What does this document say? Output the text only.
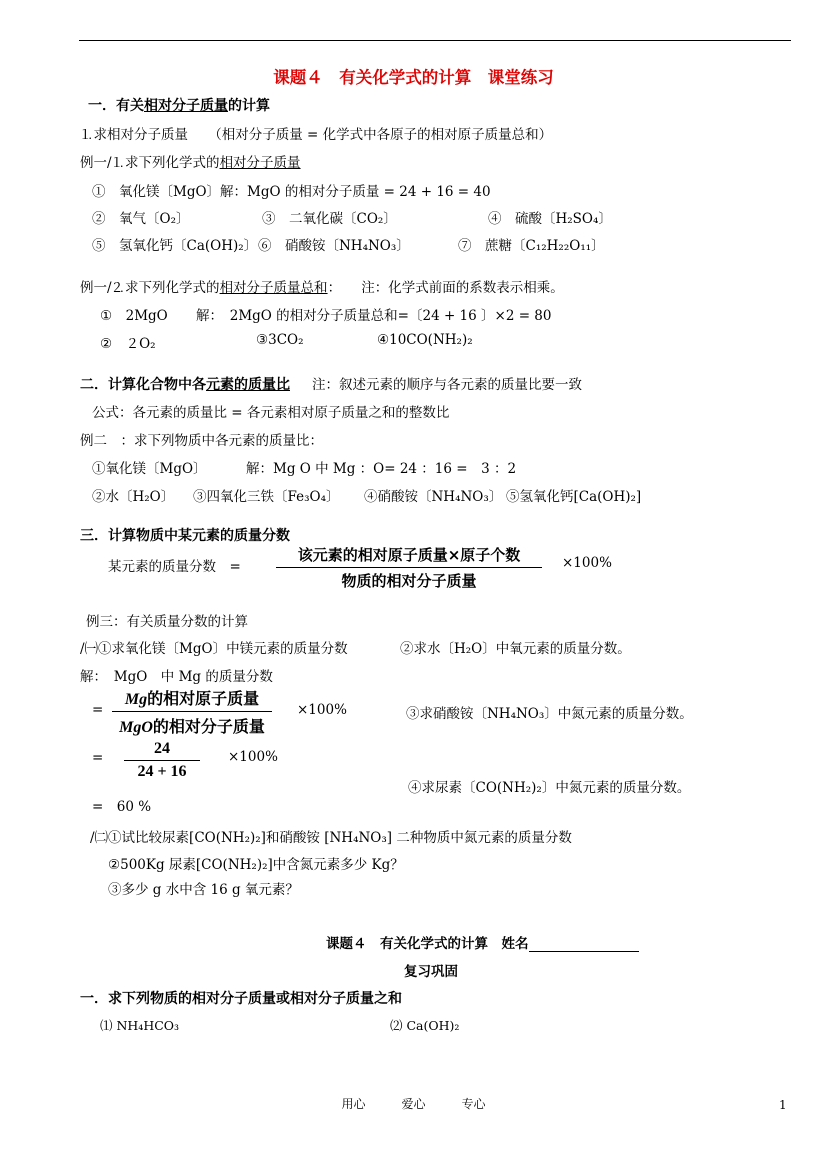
课题４　有关化学式的计算　课堂练习
一．有关相对分子质量的计算
⒈求相对分子质量　　（相对分子质量 = 化学式中各原子的相对原子质量总和）
例一/⒈求下列化学式的相对分子质量
①　氧化镁〔MgO〕解：MgO 的相对分子质量 = 24 + 16 = 40
②　氧气〔O₂〕	③　二氧化碳〔CO₂〕	④　硫酸〔H₂SO₄〕
⑤　氢氧化钙〔Ca(OH)₂〕 ⑥　硝酸铵〔NH₄NO₃〕	⑦　蔗糖〔C₁₂H₂₂O₁₁〕
例一/⒉求下列化学式的相对分子质量总和：　　注：化学式前面的系数表示相乘。
①　2MgO 解：　2MgO 的相对分子质量总和=〔24 + 16 〕×2 = 80
②　２O₂	③3CO₂	④10CO(NH₂)₂
二．计算化合物中各元素的质量比 注：叙述元素的顺序与各元素的质量比要一致
公式：各元素的质量比 = 各元素相对原子质量之和的整数比
例二　：求下列物质中各元素的质量比：
①氧化镁〔MgO〕	解：Mg O 中 Mg ：O= 24 ：16 =　3 ：2
②水〔H₂O〕 ③四氧化三铁〔Fe₃O₄〕 ④硝酸铵〔NH₄NO₃〕 ⑤氢氧化钙[Ca(OH)₂]
三．计算物质中某元素的质量分数
某元素的质量分数　=
该元素的相对原子质量×原子个数
物质的相对分子质量
×100%
例三：有关质量分数的计算
/㈠①求氧化镁〔MgO〕中镁元素的质量分数	②求水〔H₂O〕中氧元素的质量分数。
解：　MgO　中 Mg 的质量分数
=
Mg的相对原子质量
MgO的相对分子质量
×100%	③求硝酸铵〔NH₄NO₃〕中氮元素的质量分数。
=
24
24 + 16
×100%
④求尿素〔CO(NH₂)₂〕中氮元素的质量分数。
=　60 %
/㈡①试比较尿素[CO(NH₂)₂]和硝酸铵 [NH₄NO₃] 二种物质中氮元素的质量分数
②500Kg 尿素[CO(NH₂)₂]中含氮元素多少 Kg？
③多少 g 水中含 16 g 氧元素？
课题４　有关化学式的计算　姓名
复习巩固
一．求下列物质的相对分子质量或相对分子质量之和
⑴ NH₄HCO₃	⑵ Ca(OH)₂
用心　　　爱心　　　专心	1
